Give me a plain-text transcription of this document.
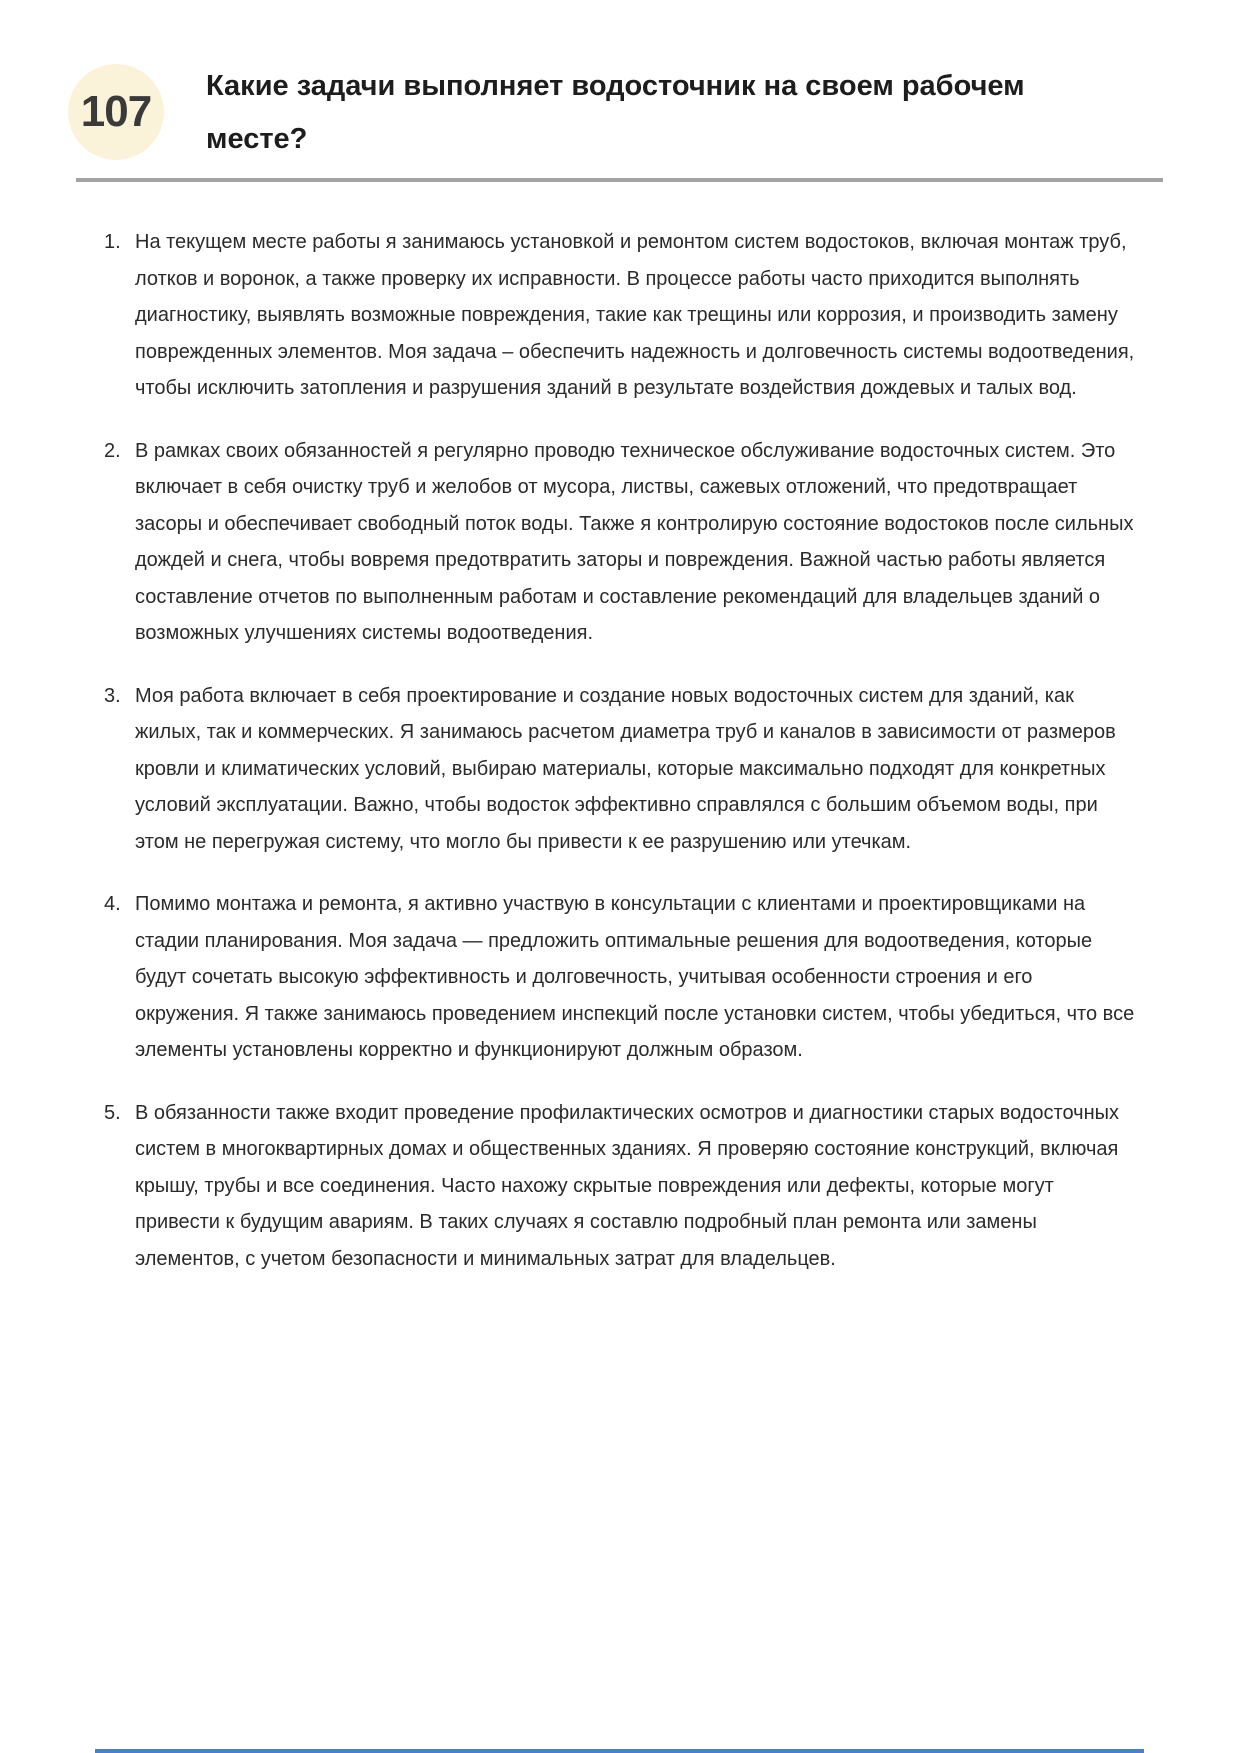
107
Какие задачи выполняет водосточник на своем рабочем месте?
1. На текущем месте работы я занимаюсь установкой и ремонтом систем водостоков, включая монтаж труб, лотков и воронок, а также проверку их исправности. В процессе работы часто приходится выполнять диагностику, выявлять возможные повреждения, такие как трещины или коррозия, и производить замену поврежденных элементов. Моя задача – обеспечить надежность и долговечность системы водоотведения, чтобы исключить затопления и разрушения зданий в результате воздействия дождевых и талых вод.
2. В рамках своих обязанностей я регулярно проводю техническое обслуживание водосточных систем. Это включает в себя очистку труб и желобов от мусора, листвы, сажевых отложений, что предотвращает засоры и обеспечивает свободный поток воды. Также я контролирую состояние водостоков после сильных дождей и снега, чтобы вовремя предотвратить заторы и повреждения. Важной частью работы является составление отчетов по выполненным работам и составление рекомендаций для владельцев зданий о возможных улучшениях системы водоотведения.
3. Моя работа включает в себя проектирование и создание новых водосточных систем для зданий, как жилых, так и коммерческих. Я занимаюсь расчетом диаметра труб и каналов в зависимости от размеров кровли и климатических условий, выбираю материалы, которые максимально подходят для конкретных условий эксплуатации. Важно, чтобы водосток эффективно справлялся с большим объемом воды, при этом не перегружая систему, что могло бы привести к ее разрушению или утечкам.
4. Помимо монтажа и ремонта, я активно участвую в консультации с клиентами и проектировщиками на стадии планирования. Моя задача — предложить оптимальные решения для водоотведения, которые будут сочетать высокую эффективность и долговечность, учитывая особенности строения и его окружения. Я также занимаюсь проведением инспекций после установки систем, чтобы убедиться, что все элементы установлены корректно и функционируют должным образом.
5. В обязанности также входит проведение профилактических осмотров и диагностики старых водосточных систем в многоквартирных домах и общественных зданиях. Я проверяю состояние конструкций, включая крышу, трубы и все соединения. Часто нахожу скрытые повреждения или дефекты, которые могут привести к будущим авариям. В таких случаях я составлю подробный план ремонта или замены элементов, с учетом безопасности и минимальных затрат для владельцев.
